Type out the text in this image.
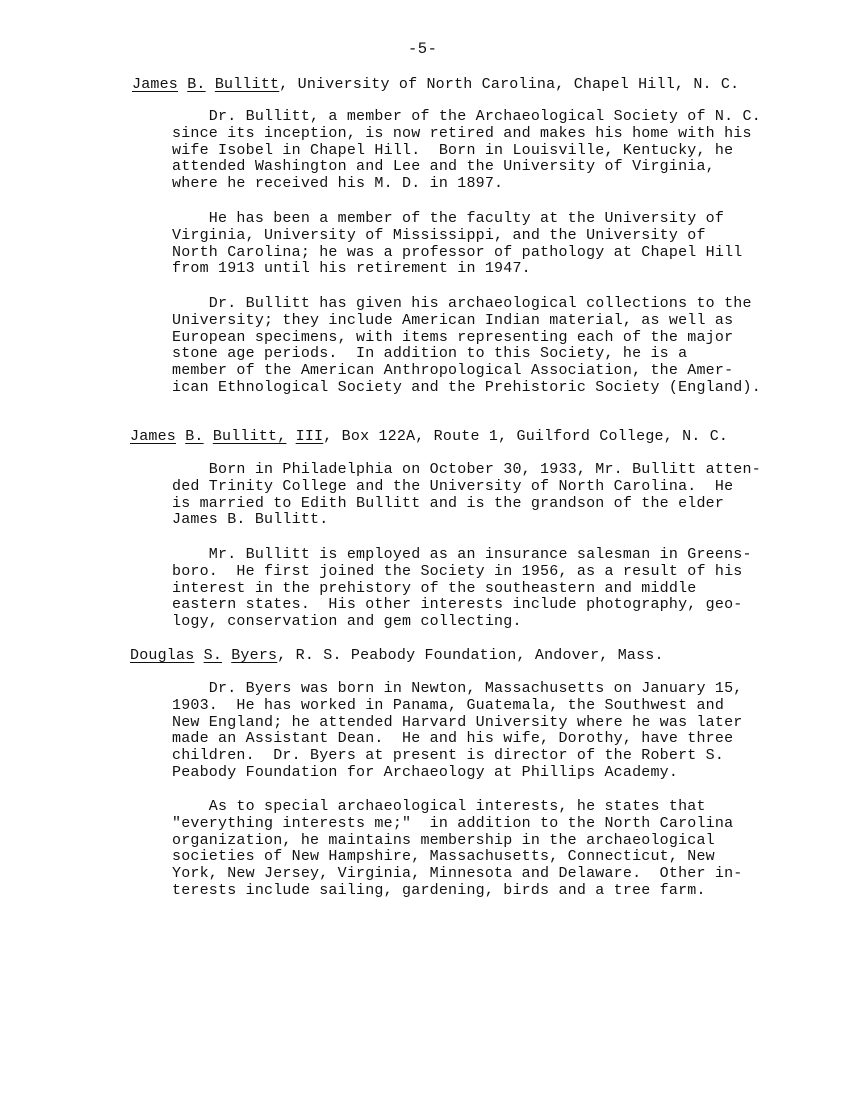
-5-
James B. Bullitt, University of North Carolina, Chapel Hill, N. C.
Dr. Bullitt, a member of the Archaeological Society of N. C.
since its inception, is now retired and makes his home with his
wife Isobel in Chapel Hill.  Born in Louisville, Kentucky, he
attended Washington and Lee and the University of Virginia,
where he received his M. D. in 1897.
He has been a member of the faculty at the University of
Virginia, University of Mississippi, and the University of
North Carolina; he was a professor of pathology at Chapel Hill
from 1913 until his retirement in 1947.
Dr. Bullitt has given his archaeological collections to the
University; they include American Indian material, as well as
European specimens, with items representing each of the major
stone age periods.  In addition to this Society, he is a
member of the American Anthropological Association, the Amer-
ican Ethnological Society and the Prehistoric Society (England).
James B. Bullitt, III, Box 122A, Route 1, Guilford College, N. C.
Born in Philadelphia on October 30, 1933, Mr. Bullitt atten-
ded Trinity College and the University of North Carolina.  He
is married to Edith Bullitt and is the grandson of the elder
James B. Bullitt.
Mr. Bullitt is employed as an insurance salesman in Greens-
boro.  He first joined the Society in 1956, as a result of his
interest in the prehistory of the southeastern and middle
eastern states.  His other interests include photography, geo-
logy, conservation and gem collecting.
Douglas S. Byers, R. S. Peabody Foundation, Andover, Mass.
Dr. Byers was born in Newton, Massachusetts on January 15,
1903.  He has worked in Panama, Guatemala, the Southwest and
New England; he attended Harvard University where he was later
made an Assistant Dean.  He and his wife, Dorothy, have three
children.  Dr. Byers at present is director of the Robert S.
Peabody Foundation for Archaeology at Phillips Academy.
As to special archaeological interests, he states that
"everything interests me;"  in addition to the North Carolina
organization, he maintains membership in the archaeological
societies of New Hampshire, Massachusetts, Connecticut, New
York, New Jersey, Virginia, Minnesota and Delaware.  Other in-
terests include sailing, gardening, birds and a tree farm.
